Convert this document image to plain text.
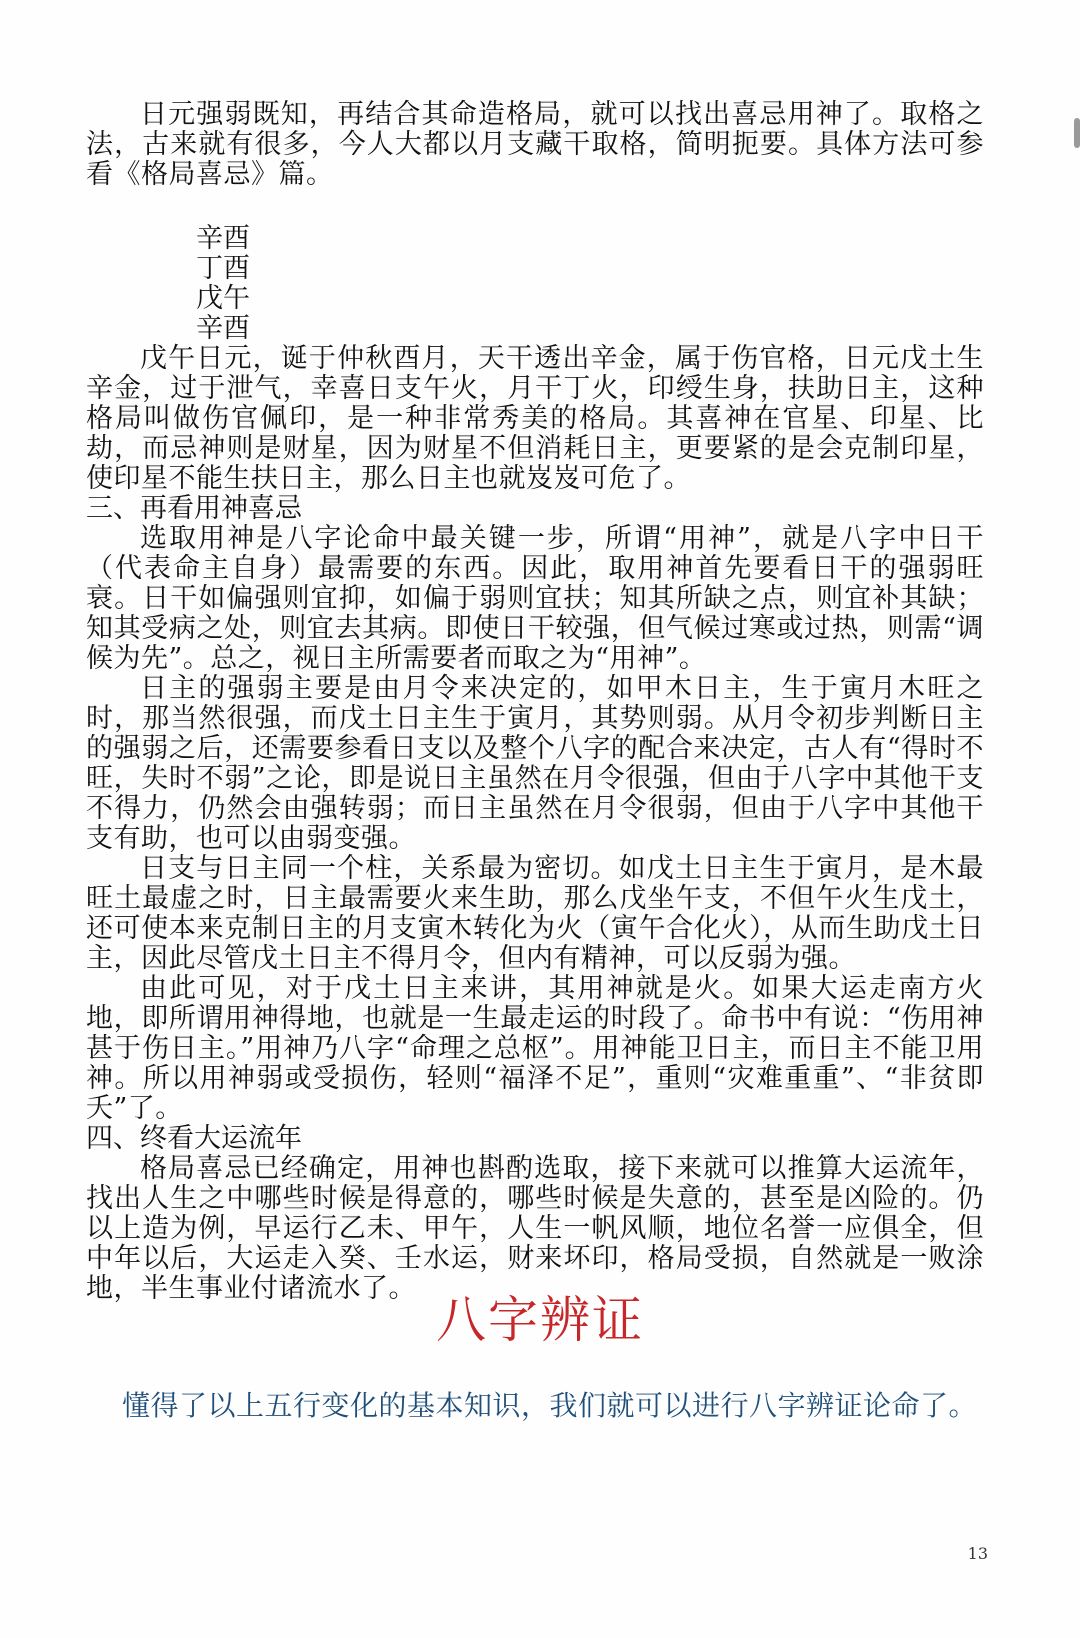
日元强弱既知，再结合其命造格局，就可以找出喜忌用神了。取格之法，古来就有很多，今人大都以月支藏干取格，简明扼要。具体方法可参看《格局喜忌》篇。

辛酉
丁酉
戊午
辛酉

戊午日元，诞于仲秋酉月，天干透出辛金，属于伤官格，日元戊土生辛金，过于泄气，幸喜日支午火，月干丁火，印绶生身，扶助日主，这种格局叫做伤官佩印，是一种非常秀美的格局。其喜神在官星、印星、比劫，而忌神则是财星，因为财星不但消耗日主，更要紧的是会克制印星，使印星不能生扶日主，那么日主也就岌岌可危了。

三、再看用神喜忌

选取用神是八字论命中最关键一步，所谓“用神”，就是八字中日干（代表命主自身）最需要的东西。因此，取用神首先要看日干的强弱旺衰。日干如偏强则宜抑，如偏于弱则宜扶；知其所缺之点，则宜补其缺；知其受病之处，则宜去其病。即使日干较强，但气候过寒或过热，则需“调候为先”。总之，视日主所需要者而取之为“用神”。

日主的强弱主要是由月令来决定的，如甲木日主，生于寅月木旺之时，那当然很强，而戊土日主生于寅月，其势则弱。从月令初步判断日主的强弱之后，还需要参看日支以及整个八字的配合来决定，古人有“得时不旺，失时不弱”之论，即是说日主虽然在月令很强，但由于八字中其他干支不得力，仍然会由强转弱；而日主虽然在月令很弱，但由于八字中其他干支有助，也可以由弱变强。

日支与日主同一个柱，关系最为密切。如戊土日主生于寅月，是木最旺土最虚之时，日主最需要火来生助，那么戊坐午支，不但午火生戊土，还可使本来克制日主的月支寅木转化为火（寅午合化火），从而生助戊土日主，因此尽管戊土日主不得月令，但内有精神，可以反弱为强。

由此可见，对于戊土日主来讲，其用神就是火。如果大运走南方火地，即所谓用神得地，也就是一生最走运的时段了。命书中有说：“伤用神甚于伤日主。”用神乃八字“命理之总枢”。用神能卫日主，而日主不能卫用神。所以用神弱或受损伤，轻则“福泽不足”，重则“灾难重重”、“非贫即夭”了。

四、终看大运流年

格局喜忌已经确定，用神也斟酌选取，接下来就可以推算大运流年，找出人生之中哪些时候是得意的，哪些时候是失意的，甚至是凶险的。仍以上造为例，早运行乙未、甲午，人生一帆风顺，地位名誉一应俱全，但中年以后，大运走入癸、壬水运，财来坏印，格局受损，自然就是一败涂地，半生事业付诸流水了。

八字辨证
懂得了以上五行变化的基本知识，我们就可以进行八字辨证论命了。
13
